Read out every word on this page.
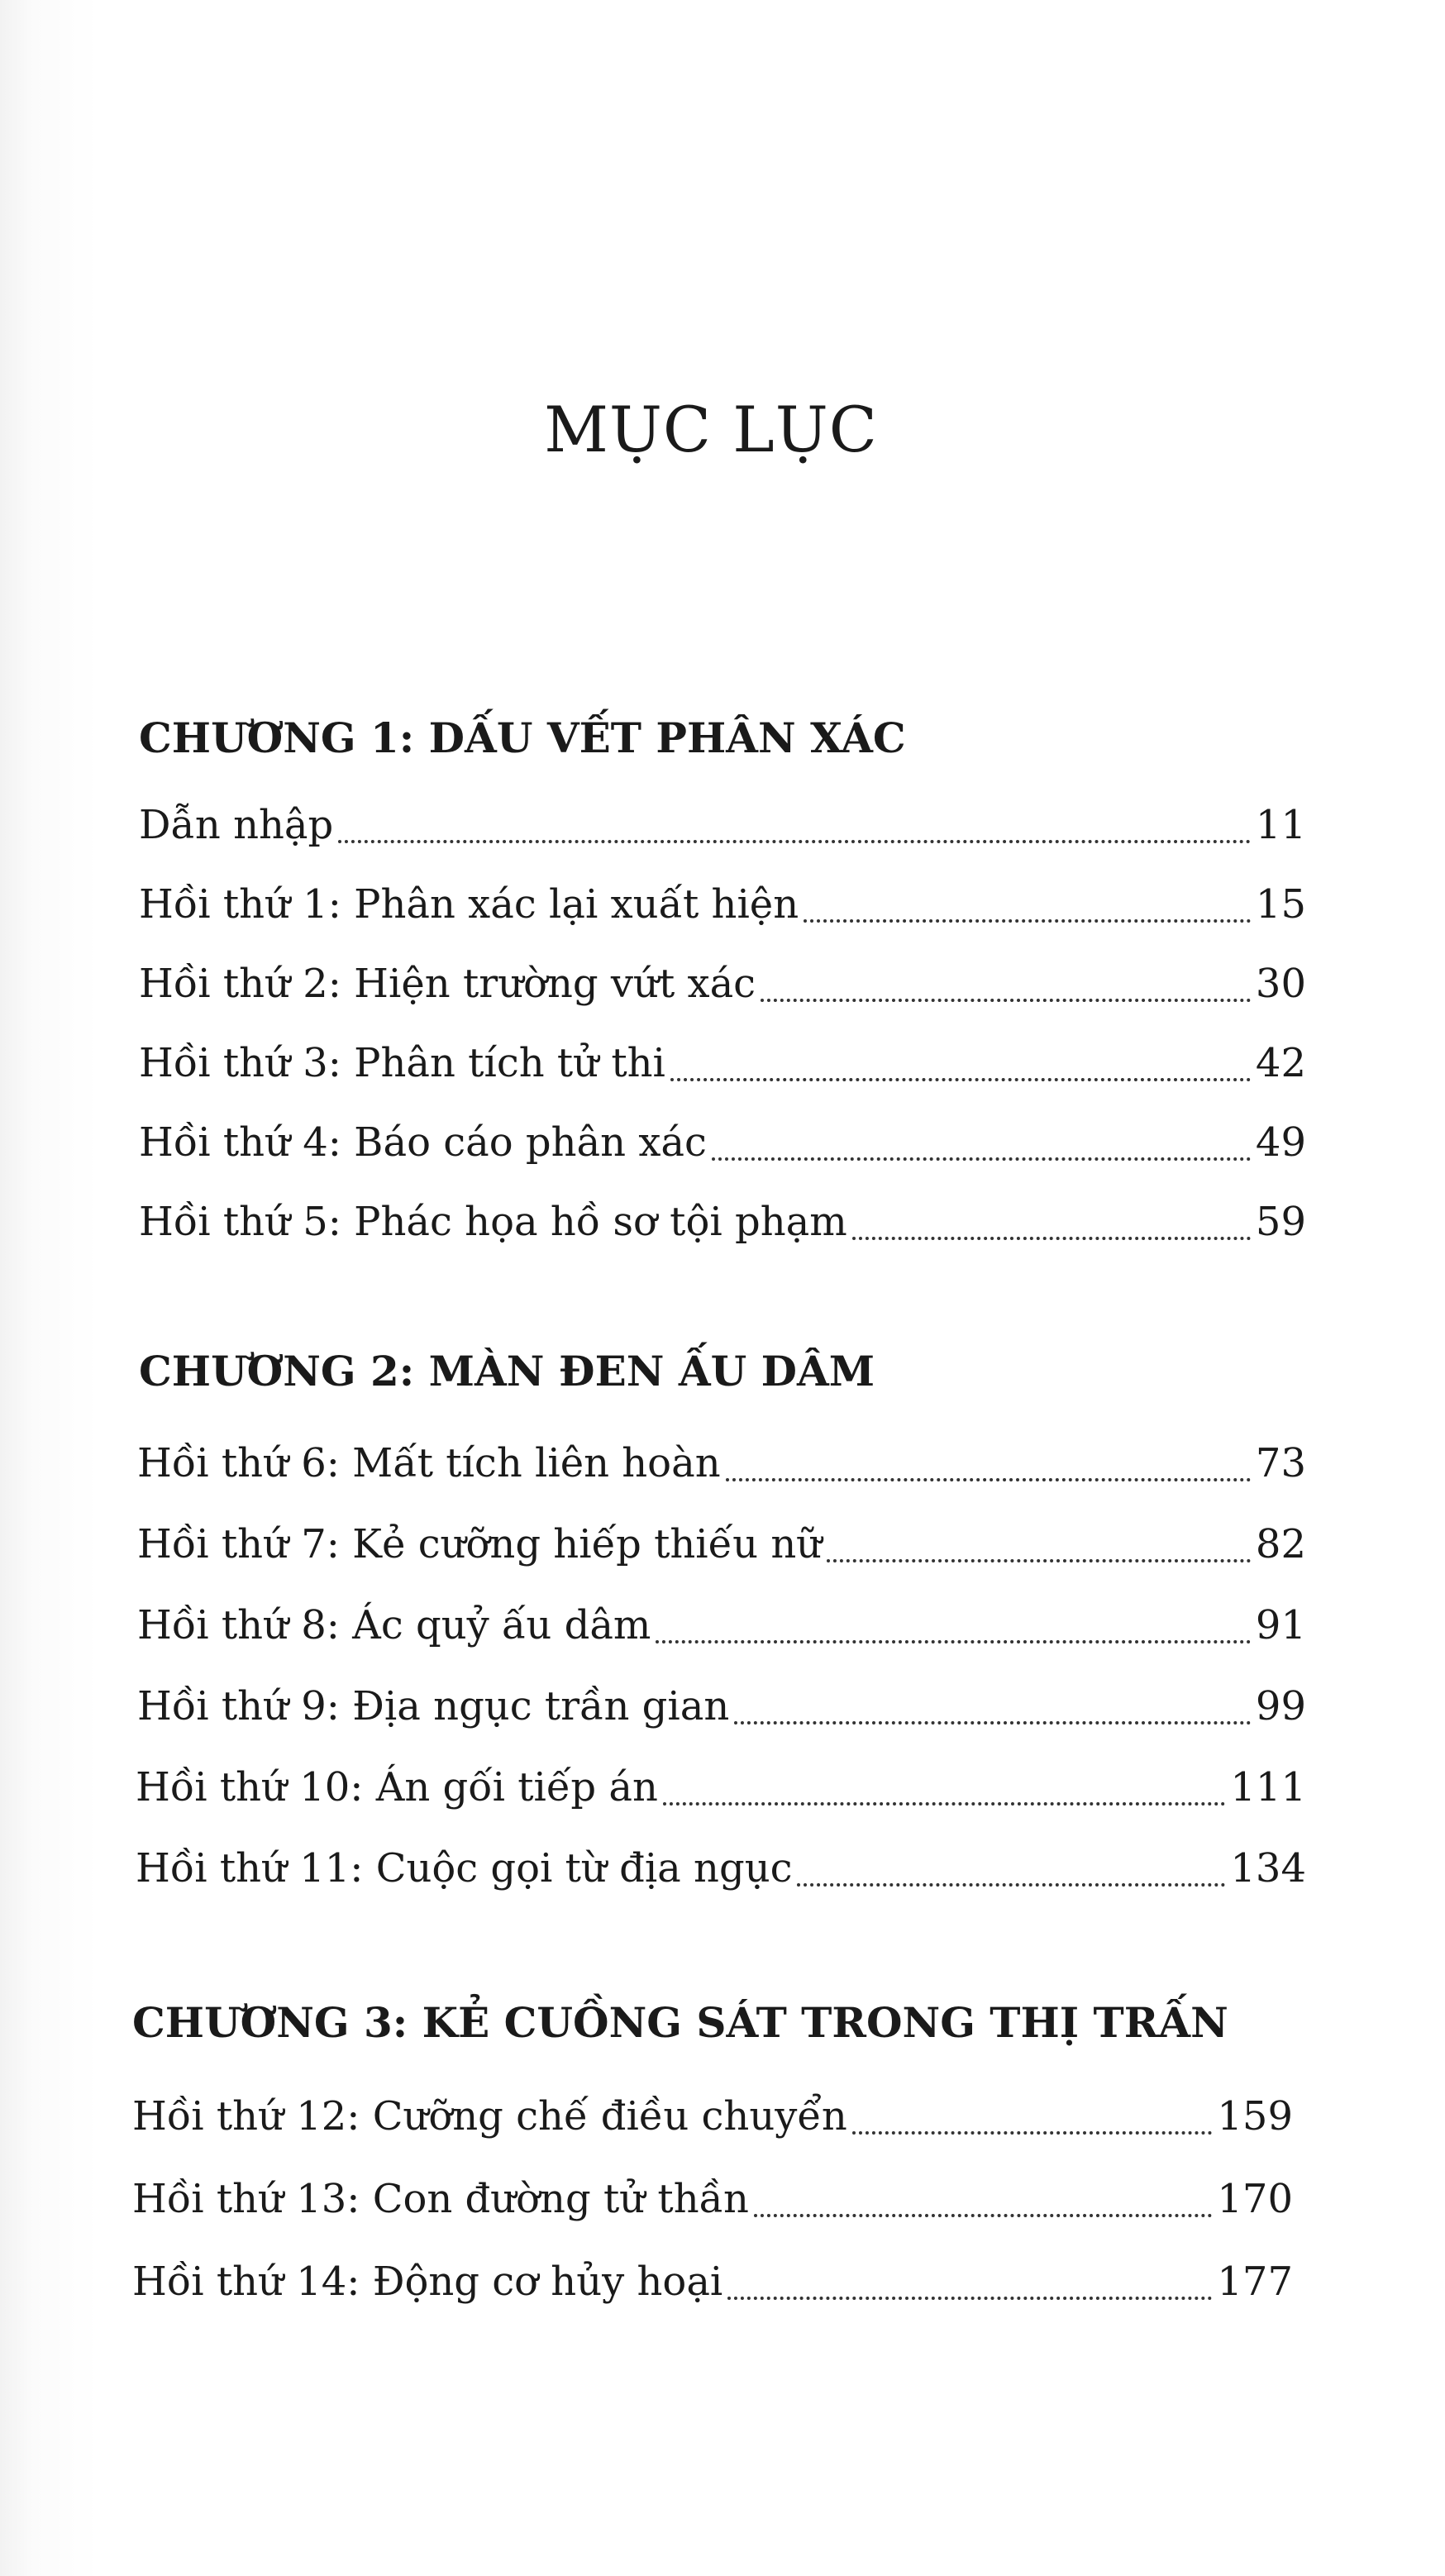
MỤC LỤC
CHƯƠNG 1: DẤU VẾT PHÂN XÁC
Dẫn nhập	11
Hồi thứ 1: Phân xác lại xuất hiện	15
Hồi thứ 2: Hiện trường vứt xác	30
Hồi thứ 3: Phân tích tử thi	42
Hồi thứ 4: Báo cáo phân xác	49
Hồi thứ 5: Phác họa hồ sơ tội phạm	59
CHƯƠNG 2: MÀN ĐEN ẤU DÂM
Hồi thứ 6: Mất tích liên hoàn	73
Hồi thứ 7: Kẻ cưỡng hiếp thiếu nữ	82
Hồi thứ 8: Ác quỷ ấu dâm	91
Hồi thứ 9: Địa ngục trần gian	99
Hồi thứ 10: Án gối tiếp án	111
Hồi thứ 11: Cuộc gọi từ địa ngục	134
CHƯƠNG 3: KẺ CUỒNG SÁT TRONG THỊ TRẤN
Hồi thứ 12: Cưỡng chế điều chuyển	159
Hồi thứ 13: Con đường tử thần	170
Hồi thứ 14: Động cơ hủy hoại	177
